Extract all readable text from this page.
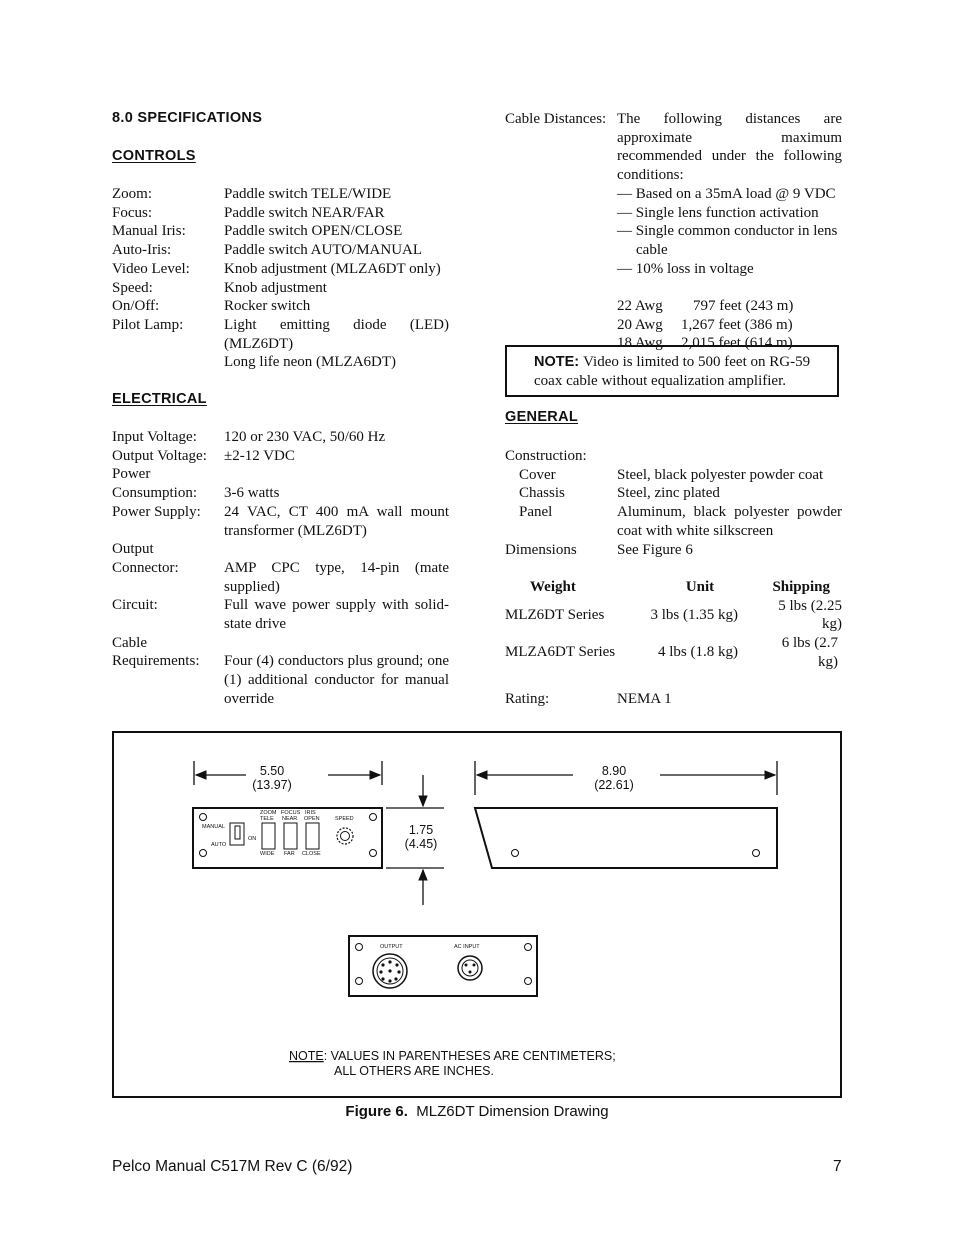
8.0 SPECIFICATIONS
CONTROLS
Zoom:	Paddle switch TELE/WIDE
Focus:	Paddle switch NEAR/FAR
Manual Iris:	Paddle switch OPEN/CLOSE
Auto-Iris:	Paddle switch AUTO/MANUAL
Video Level:	Knob adjustment (MLZA6DT only)
Speed:	Knob adjustment
On/Off:	Rocker switch
Pilot Lamp:	Light emitting diode (LED) (MLZ6DT)
Long life neon (MLZA6DT)
ELECTRICAL
Input Voltage:	120 or 230 VAC, 50/60 Hz
Output Voltage:	±2-12 VDC
Power
Consumption:	3-6 watts
Power Supply:	24 VAC, CT 400 mA wall mount transformer (MLZ6DT)
Output
Connector:	AMP CPC type, 14-pin (mate supplied)
Circuit:	Full wave power supply with solid-state drive
Cable
Requirements:	Four (4) conductors plus ground; one (1) additional conductor for manual override
Cable Distances: The following distances are approximate maximum recommended under the following conditions:
— Based on a 35mA load @ 9 VDC
— Single lens function activation
— Single common conductor in lens cable
— 10% loss in voltage
22 Awg	797 feet (243 m)
20 Awg	1,267 feet (386 m)
18 Awg	2,015 feet (614 m)
NOTE: Video is limited to 500 feet on RG-59 coax cable without equalization amplifier.
GENERAL
Construction:
Cover	Steel, black polyester powder coat
Chassis	Steel, zinc plated
Panel	Aluminum, black polyester powder coat with white silkscreen
Dimensions	See Figure 6
Weight	Unit	Shipping
MLZ6DT Series	3 lbs (1.35 kg)	5 lbs (2.25 kg)
MLZA6DT Series	4 lbs (1.8 kg)	6 lbs (2.7 kg)
Rating:	NEMA 1
5.50
(13.97)
MANUAL
AUTO
ON
ZOOM
TELE
WIDE
FOCUS
NEAR
FAR
IRIS
OPEN
CLOSE
SPEED
1.75
(4.45)
8.90
(22.61)
OUTPUT	AC INPUT
NOTE: VALUES IN PARENTHESES ARE CENTIMETERS;
ALL OTHERS ARE INCHES.
Figure 6. MLZ6DT Dimension Drawing
Pelco Manual C517M Rev C (6/92)	7
